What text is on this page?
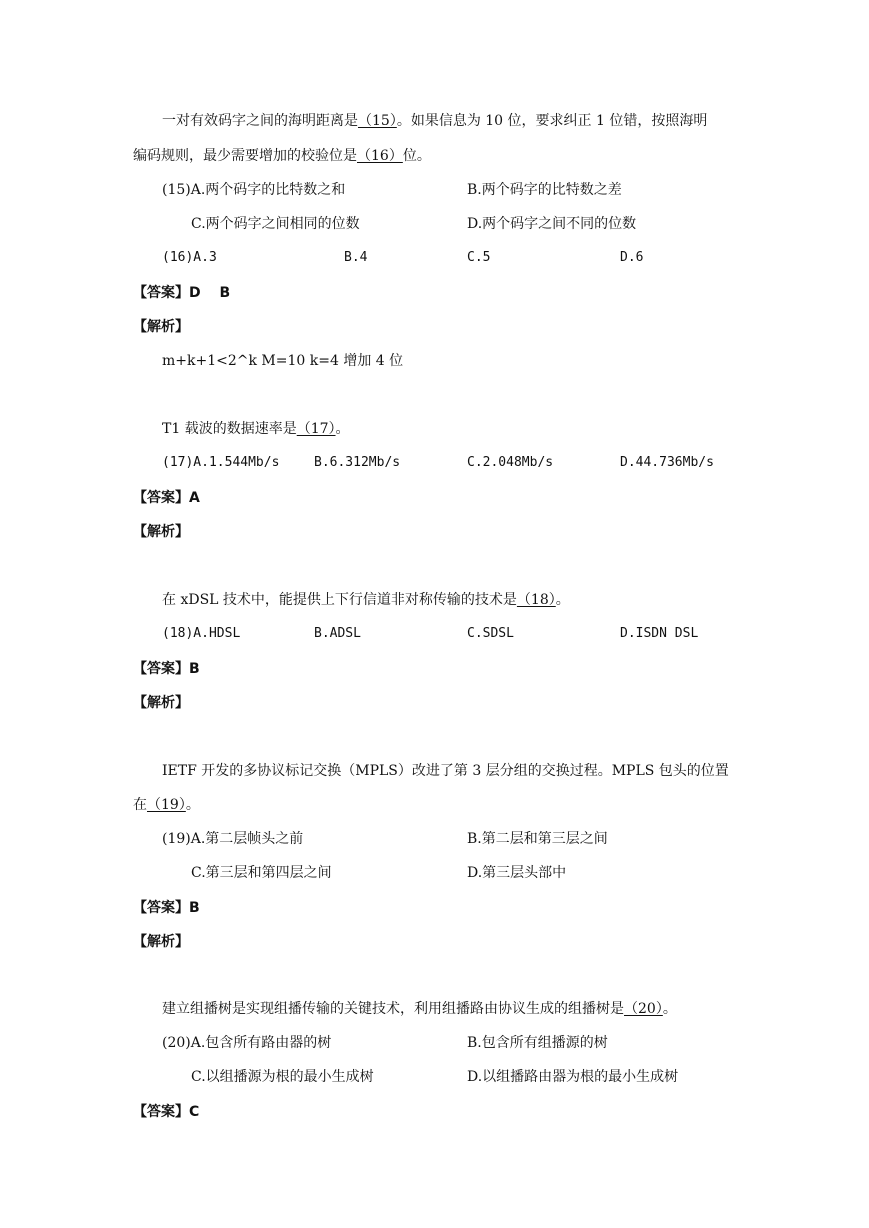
一对有效码字之间的海明距离是（15）。如果信息为 10 位，要求纠正 1 位错，按照海明
编码规则，最少需要增加的校验位是（16）位。
(15)A.两个码字的比特数之和	B.两个码字的比特数之差
C.两个码字之间相同的位数	D.两个码字之间不同的位数
(16)A.3	B.4	C.5	D.6
【答案】D　 B
【解析】
m+k+1<2^k M=10 k=4 增加 4 位
T1 载波的数据速率是（17）。
(17)A.1.544Mb/s	B.6.312Mb/s	C.2.048Mb/s	D.44.736Mb/s
【答案】A
【解析】
在 xDSL 技术中，能提供上下行信道非对称传输的技术是（18）。
(18)A.HDSL	B.ADSL	C.SDSL	D.ISDN DSL
【答案】B
【解析】
IETF 开发的多协议标记交换（MPLS）改进了第 3 层分组的交换过程。MPLS 包头的位置
在（19）。
(19)A.第二层帧头之前	B.第二层和第三层之间
C.第三层和第四层之间	D.第三层头部中
【答案】B
【解析】
建立组播树是实现组播传输的关键技术，利用组播路由协议生成的组播树是（20）。
(20)A.包含所有路由器的树	B.包含所有组播源的树
C.以组播源为根的最小生成树	D.以组播路由器为根的最小生成树
【答案】C
